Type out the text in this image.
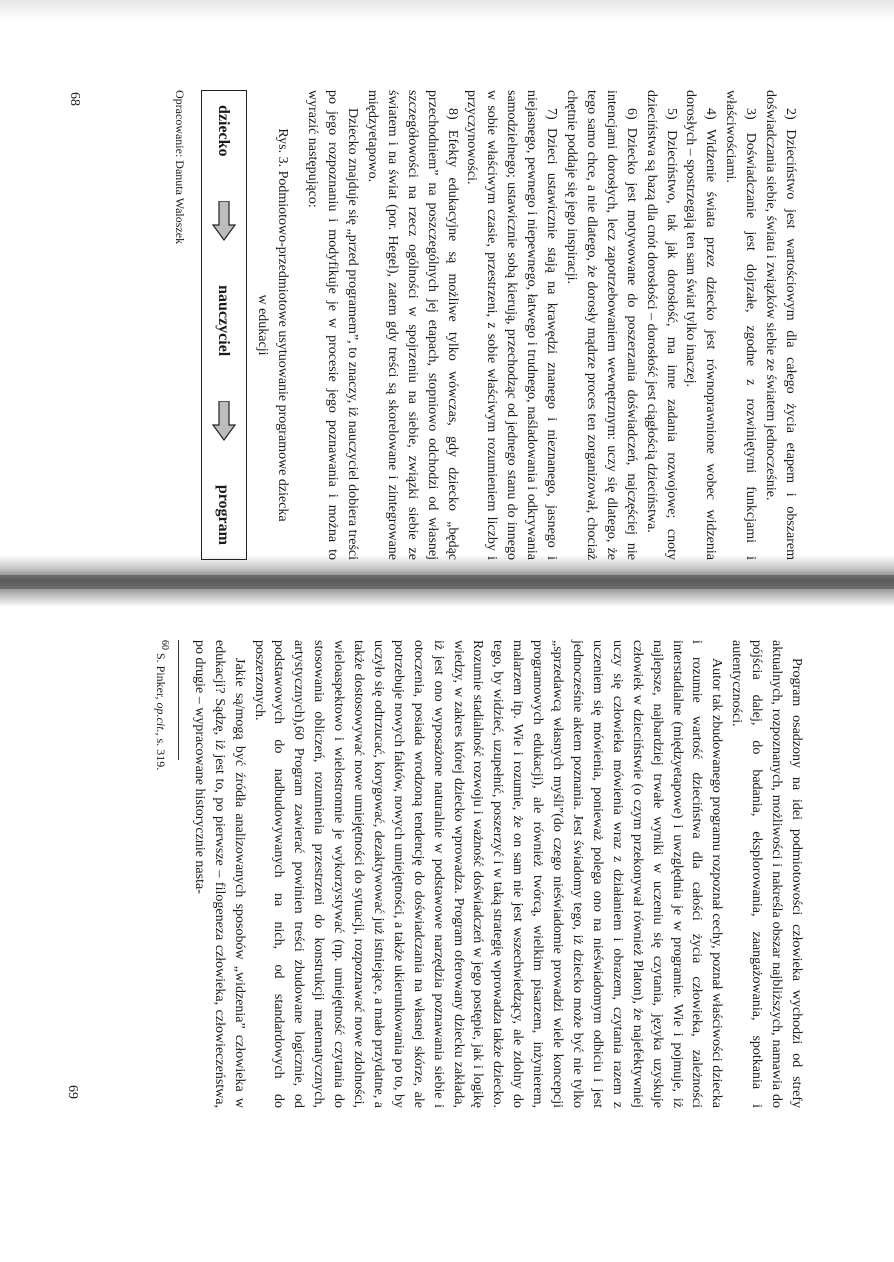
2) Dzieciństwo jest wartościowym dla całego życia etapem i obszarem doświadczania siebie, świata i związków siebie ze światem jednocześnie.

3) Doświadczanie jest dojrzałe, zgodne z rozwiniętymi funkcjami i właściwościami.

4) Widzenie świata przez dziecko jest równoprawnione wobec widzenia dorosłych – spostrzegają ten sam świat tylko inaczej.

5) Dzieciństwo, tak jak dorosłość, ma inne zadania rozwojowe; cnoty dzieciństwa są bazą dla cnót dorosłości – dorosłość jest ciągłością dzieciństwa.

6) Dziecko jest motywowane do poszerzania doświadczeń, najczęściej nie intencjami dorosłych, lecz zapotrzebowaniem wewnętrznym: uczy się dlatego, że tego samo chce, a nie dlatego, że dorosły mądrze proces ten zorganizował, chociaż chętnie poddaje się jego inspiracji.

7) Dzieci ustawicznie stają na krawędzi znanego i nieznanego, jasnego i niejasnego, pewnego i niepewnego, łatwego i trudnego, naśladowania i odkrywania samodzielnego; ustawicznie sobą kierują, przechodząc od jednego stanu do innego w sobie właściwym czasie, przestrzeni, z sobie właściwym rozumieniem liczby i przyczynowości.

8) Efekty edukacyjne są możliwe tylko wówczas, gdy dziecko „będąc przechodniem” na poszczególnych jej etapach, stopniowo odchodzi od własnej szczegółowości na rzecz ogólności w spojrzeniu na siebie, związki siebie ze światem i na świat (por. Hegel), zatem gdy treści są skorelowane i zintegrowane międzyetapowo.

Dziecko znajduje się „przed programem”, to znaczy, iż nauczyciel dobiera treści po jego rozpoznaniu i modyfikuje je w procesie jego poznawania i można to wyrazić następująco:

Rys. 3. Podmiotowo-przedmiotowe usytuowanie programowe dziecka
w edukacji
dziecko
nauczyciel
program
Opracowanie: Danuta Waloszek
68

Program osadzony na idei podmiotowości człowieka wychodzi od strefy aktualnych, rozpoznanych, możliwości i nakreśla obszar najbliższych, namawia do pójścia dalej, do badania, eksplorowania, zaangażowania, spotkania i autentyczności.

Autor tak zbudowanego programu rozpoznał cechy, poznał właściwości dziecka i rozumie wartość dzieciństwa dla całości życia człowieka, zależności interstadialne (międzyetapowe) i uwzględnia je w programie. Wie i pojmuje, iż najlepsze, najbardziej trwałe wyniki w uczeniu się czytania, języka uzyskuje człowiek w dzieciństwie (o czym przekonywał również Platon), że najefektywniej uczy się człowieka mówienia wraz z działaniem i obrazem, czytania razem z uczeniem się mówienia, ponieważ polega ono na nieświadomym odbiciu i jest jednocześnie aktem poznania. Jest świadomy tego, iż dziecko może być nie tylko „sprzedawcą własnych myśli”(do czego nieświadomie prowadzi wiele koncepcji programowych edukacji), ale również twórcą, wielkim pisarzem, inżynierem, malarzem itp. Wie i rozumie, że on sam nie jest wszechwiedzący, ale zdolny do tego, by widzieć, uzupełnić, poszerzyć i w taką strategię wprowadza także dziecko. Rozumie stadialność rozwoju i ważność doświadczeń w jego postępie, jak i logikę wiedzy, w zakres której dziecko wprowadza. Program oferowany dziecku zakłada, iż jest ono wyposażone naturalnie w podstawowe narzędzia poznawania siebie i otoczenia, posiada wrodzoną tendencję do doświadczania na własnej skórze, ale potrzebuje nowych faktów, nowych umiejętności, a także ukierunkowania po to, by uczyło się odtrzucać, korygować, dezaktywować już istniejące, a mało przydatne, a także dostosowywać nowe umiejętności do sytuacji, rozpoznawać nowe zdolności, wieloaspektowo i wielostronnie je wykorzystywać (np. umiejętność czytania do stosowania obliczeń, rozumienia przestrzeni do konstrukcji matematycznych, artystycznych),60 Program zawierać powinien treści zbudowane logicznie, od podstawowych do nadbudowywanych na nich, od standardowych do poszerzonych.

Jakie są/mogą być źródła analizowanych sposobów „widzenia” człowieka w edukacji? Sądzę, iż jest to, po pierwsze – filogeneza człowieka, człowieczeństwa, po drugie – wypracowane historycznie nasta-

$^{60}$ S. Pinker, op.cit., s. 319.
69
